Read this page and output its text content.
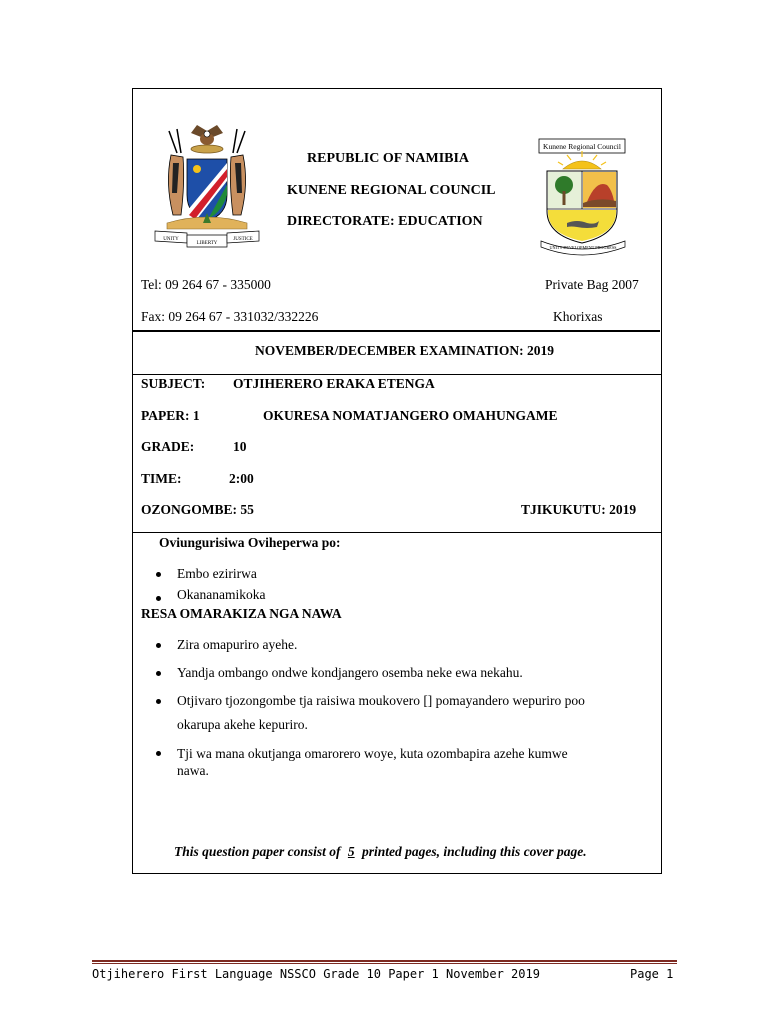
UNITY
LIBERTY
JUSTICE
REPUBLIC OF NAMIBIA
KUNENE REGIONAL COUNCIL
DIRECTORATE: EDUCATION
Kunene Regional Council
UNITY DEVELOPMENT PROGRESS
Tel: 09 264 67 - 335000	Private Bag 2007
Fax: 09 264 67 - 331032/332226	Khorixas
NOVEMBER/DECEMBER EXAMINATION: 2019
SUBJECT: OTJIHERERO ERAKA ETENGA
PAPER: 1	OKURESA NOMATJANGERO OMAHUNGAME
GRADE:	10
TIME:	2:00
OZONGOMBE: 55	TJIKUKUTU: 2019
Oviungurisiwa Oviheperwa po:
Embo ezirirwa
Okananamikoka
RESA OMARAKIZA NGA NAWA
Zira omapuriro ayehe.
Yandja ombango ondwe kondjangero osemba neke ewa nekahu.
Otjivaro tjozongombe tja raisiwa moukovero [] pomayandero wepuriro poo
okarupa akehe kepuriro.
Tji wa mana okutjanga omarorero woye, kuta ozombapira azehe kumwe
nawa.
This question paper consist of 5 printed pages, including this cover page.
Otjiherero First Language NSSCO Grade 10 Paper 1 November 2019	Page 1
